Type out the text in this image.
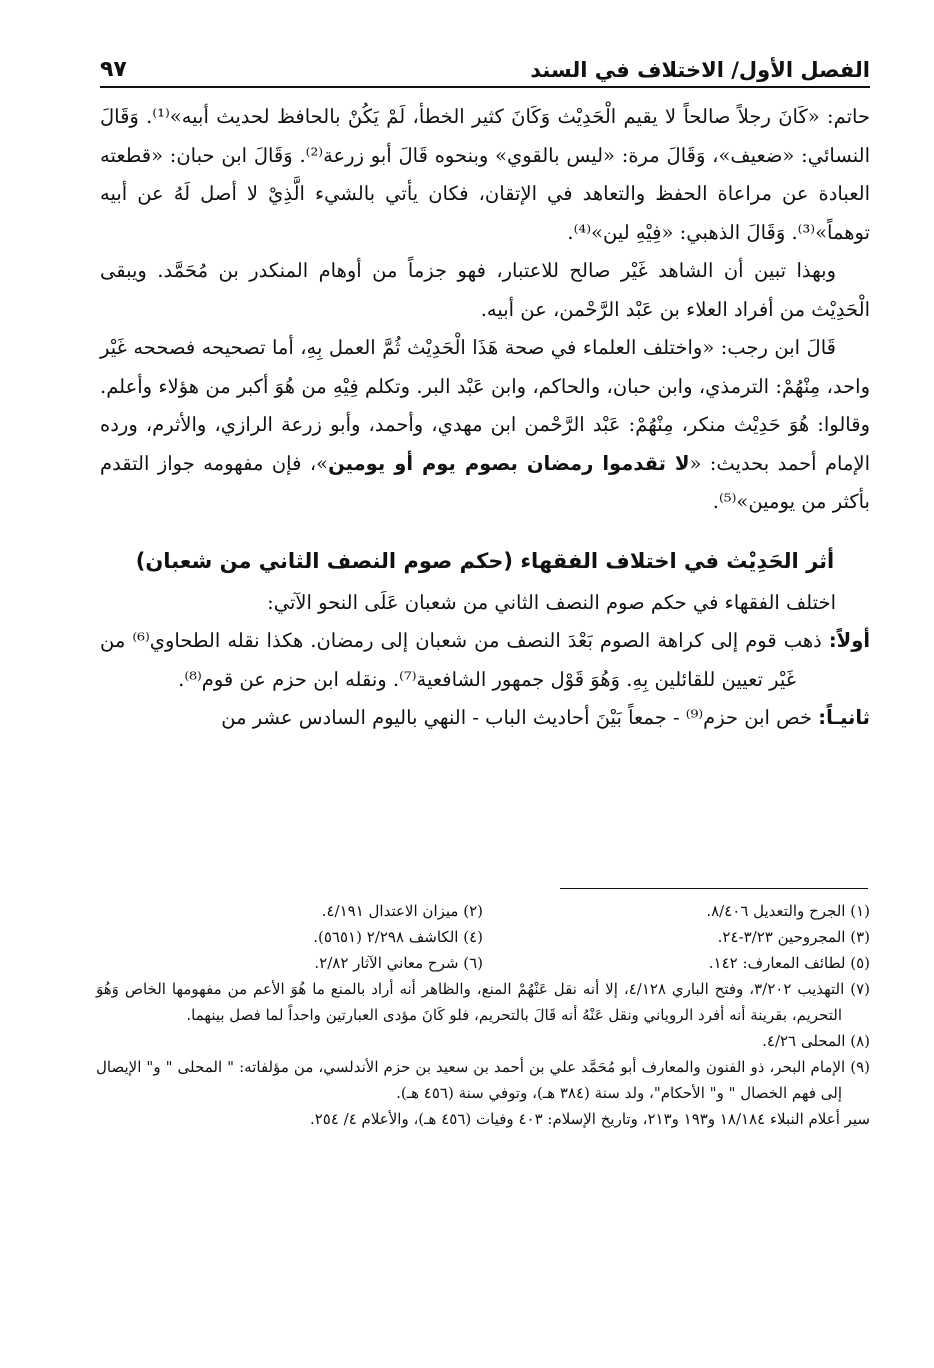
الفصل الأول/ الاختلاف في السند
٩٧

حاتم: «كَانَ رجلاً صالحاً لا يقيم الْحَدِيْث وَكَانَ كثير الخطأ، لَمْ يَكُنْ بالحافظ لحديث أبيه»⁽¹⁾. وَقَالَ النسائي: «ضعيف»، وَقَالَ مرة: «ليس بالقوي» وبنحوه قَالَ أبو زرعة⁽²⁾. وَقَالَ ابن حبان: «قطعته العبادة عن مراعاة الحفظ والتعاهد في الإتقان، فكان يأتي بالشيء الَّذِيْ لا أصل لَهُ عن أبيه توهماً»⁽³⁾. وَقَالَ الذهبي: «فِيْهِ لين»⁽⁴⁾.

وبهذا تبين أن الشاهد غَيْر صالح للاعتبار، فهو جزماً من أوهام المنكدر بن مُحَمَّد. ويبقى الْحَدِيْث من أفراد العلاء بن عَبْد الرَّحْمن، عن أبيه.

قَالَ ابن رجب: «واختلف العلماء في صحة هَذَا الْحَدِيْث ثُمَّ العمل بِهِ، أما تصحيحه فصححه غَيْر واحد، مِنْهُمْ: الترمذي، وابن حبان، والحاكم، وابن عَبْد البر. وتكلم فِيْهِ من هُوَ أكبر من هؤلاء وأعلم. وقالوا: هُوَ حَدِيْث منكر، مِنْهُمْ: عَبْد الرَّحْمن ابن مهدي، وأحمد، وأبو زرعة الرازي، والأثرم، ورده الإمام أحمد بحديث: «لا تقدموا رمضان بصوم يوم أو يومين»، فإن مفهومه جواز التقدم بأكثر من يومين»⁽⁵⁾.

أثر الحَدِيْث في اختلاف الفقهاء (حكم صوم النصف الثاني من شعبان)

اختلف الفقهاء في حكم صوم النصف الثاني من شعبان عَلَى النحو الآتي:

أولاً: ذهب قوم إلى كراهة الصوم بَعْدَ النصف من شعبان إلى رمضان. هكذا نقله الطحاوي⁽⁶⁾ من غَيْر تعيين للقائلين بِهِ. وَهُوَ قَوْل جمهور الشافعية⁽⁷⁾. ونقله ابن حزم عن قوم⁽⁸⁾.

ثانيـاً: خص ابن حزم⁽⁹⁾ - جمعاً بَيْنَ أحاديث الباب - النهي باليوم السادس عشر من

(١) الجرح والتعديل ٨/٤٠٦.
(٢) ميزان الاعتدال ٤/١٩١.
(٣) المجروحين ٣/٢٣-٢٤.
(٤) الكاشف ٢/٢٩٨ (٥٦٥١).
(٥) لطائف المعارف: ١٤٢.
(٦) شرح معاني الآثار ٢/٨٢.

(٧) التهذيب ٣/٢٠٢، وفتح الباري ٤/١٢٨، إلا أنه نقل عَنْهُمْ المنع، والظاهر أنه أراد بالمنع ما هُوَ الأعم من مفهومها الخاص وَهُوَ التحريم، بقرينة أنه أفرد الروياني ونقل عَنْهُ أنه قَالَ بالتحريم، فلو كَانَ مؤدى العبارتين واحداً لما فصل بينهما.

(٨) المحلى ٤/٢٦.

(٩) الإمام البحر، ذو الفنون والمعارف أبو مُحَمَّد علي بن أحمد بن سعيد بن حزم الأندلسي، من مؤلفاته: " المحلى " و" الإيصال إلى فهم الخصال " و" الأحكام"، ولد سنة (٣٨٤ هـ)، وتوفي سنة (٤٥٦ هـ).

سير أعلام النبلاء ١٨/١٨٤ و١٩٣ و٢١٣، وتاريخ الإسلام: ٤٠٣ وفيات (٤٥٦ هـ)، والأعلام ٤/ ٢٥٤.
